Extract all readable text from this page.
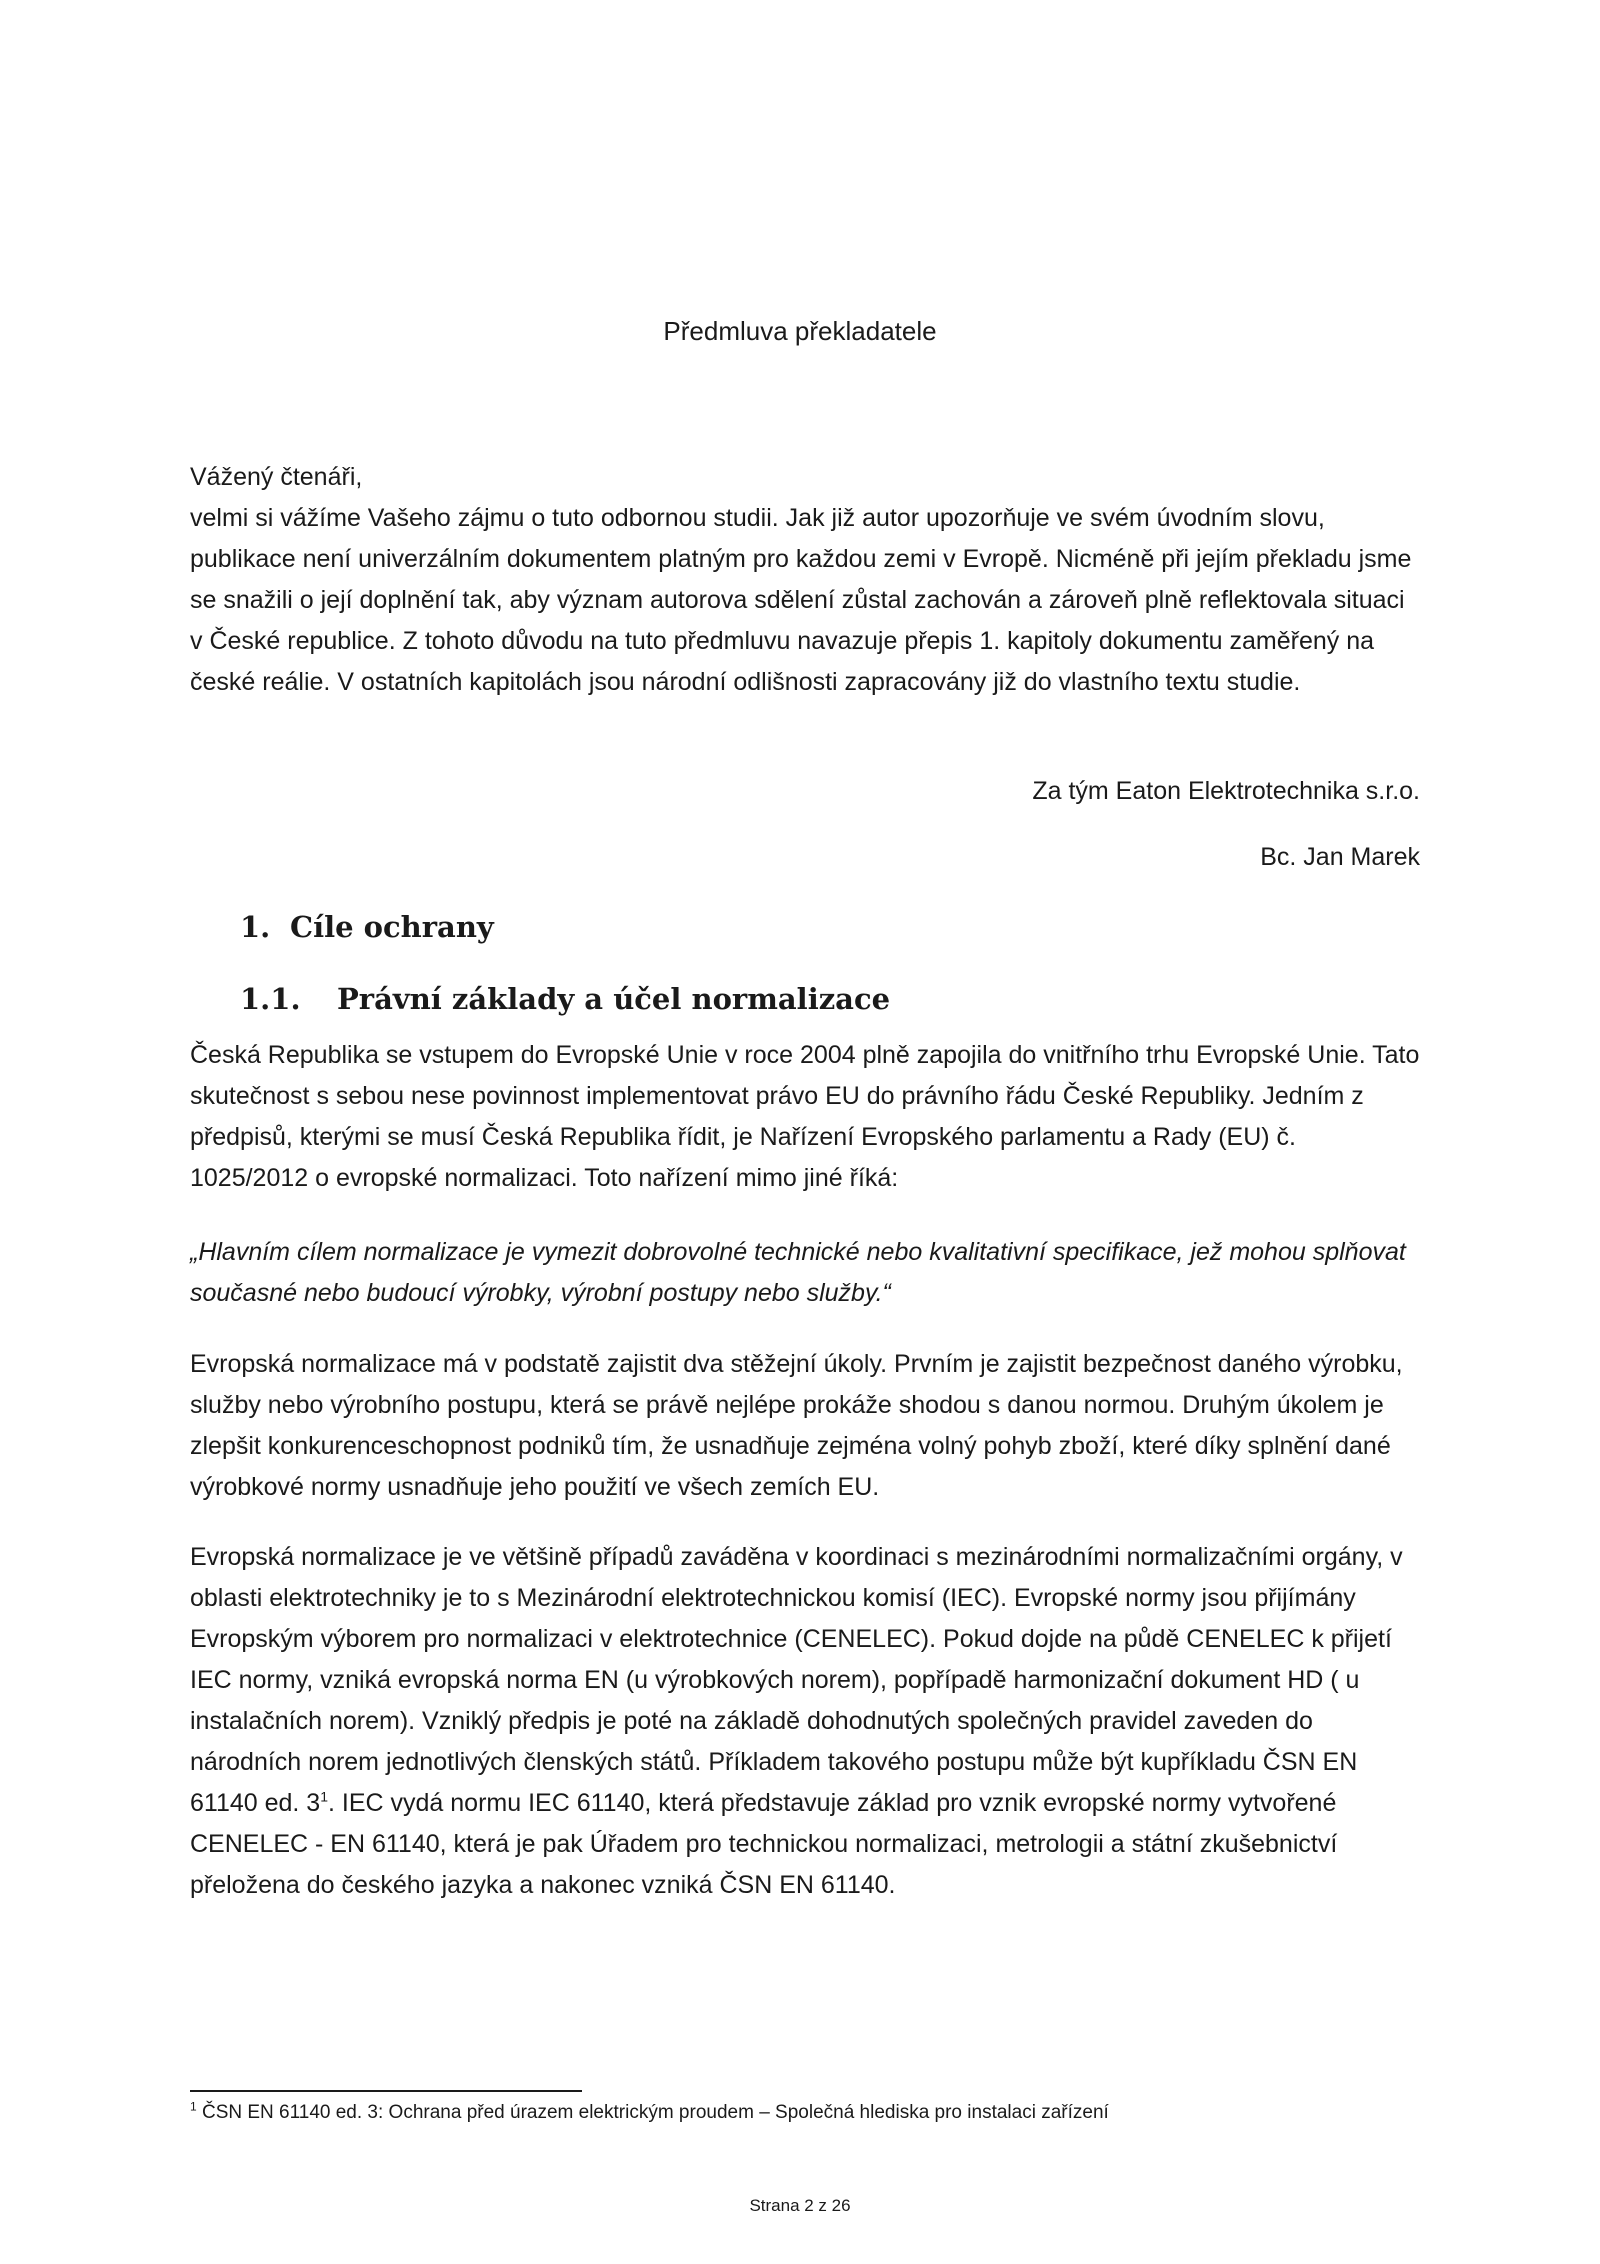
Předmluva překladatele

Vážený čtenáři,

velmi si vážíme Vašeho zájmu o tuto odbornou studii. Jak již autor upozorňuje ve svém úvodním slovu, publikace není univerzálním dokumentem platným pro každou zemi v Evropě. Nicméně při jejím překladu jsme se snažili o její doplnění tak, aby význam autorova sdělení zůstal zachován a zároveň plně reflektovala situaci v České republice. Z tohoto důvodu na tuto předmluvu navazuje přepis 1. kapitoly dokumentu zaměřený na české reálie. V ostatních kapitolách jsou národní odlišnosti zapracovány již do vlastního textu studie.

Za tým Eaton Elektrotechnika s.r.o.

Bc. Jan Marek

1. Cíle ochrany
1.1. Právní základy a účel normalizace

Česká Republika se vstupem do Evropské Unie v roce 2004 plně zapojila do vnitřního trhu Evropské Unie. Tato skutečnost s sebou nese povinnost implementovat právo EU do právního řádu České Republiky. Jedním z předpisů, kterými se musí Česká Republika řídit, je Nařízení Evropského parlamentu a Rady (EU) č. 1025/2012 o evropské normalizaci. Toto nařízení mimo jiné říká:

„Hlavním cílem normalizace je vymezit dobrovolné technické nebo kvalitativní specifikace, jež mohou splňovat současné nebo budoucí výrobky, výrobní postupy nebo služby.“

Evropská normalizace má v podstatě zajistit dva stěžejní úkoly. Prvním je zajistit bezpečnost daného výrobku, služby nebo výrobního postupu, která se právě nejlépe prokáže shodou s danou normou. Druhým úkolem je zlepšit konkurenceschopnost podniků tím, že usnadňuje zejména volný pohyb zboží, které díky splnění dané výrobkové normy usnadňuje jeho použití ve všech zemích EU.

Evropská normalizace je ve většině případů zaváděna v koordinaci s mezinárodními normalizačními orgány, v oblasti elektrotechniky je to s Mezinárodní elektrotechnickou komisí (IEC). Evropské normy jsou přijímány Evropským výborem pro normalizaci v elektrotechnice (CENELEC). Pokud dojde na půdě CENELEC k přijetí IEC normy, vzniká evropská norma EN (u výrobkových norem), popřípadě harmonizační dokument HD ( u instalačních norem). Vzniklý předpis je poté na základě dohodnutých společných pravidel zaveden do národních norem jednotlivých členských států. Příkladem takového postupu může být kupříkladu ČSN EN 61140 ed. $3^1$. IEC vydá normu IEC 61140, která představuje základ pro vznik evropské normy vytvořené CENELEC - EN 61140, která je pak Úřadem pro technickou normalizaci, metrologii a státní zkušebnictví přeložena do českého jazyka a nakonec vzniká ČSN EN 61140.

$^1$ ČSN EN 61140 ed. 3: Ochrana před úrazem elektrickým proudem – Společná hlediska pro instalaci zařízení

Strana 2 z 26
